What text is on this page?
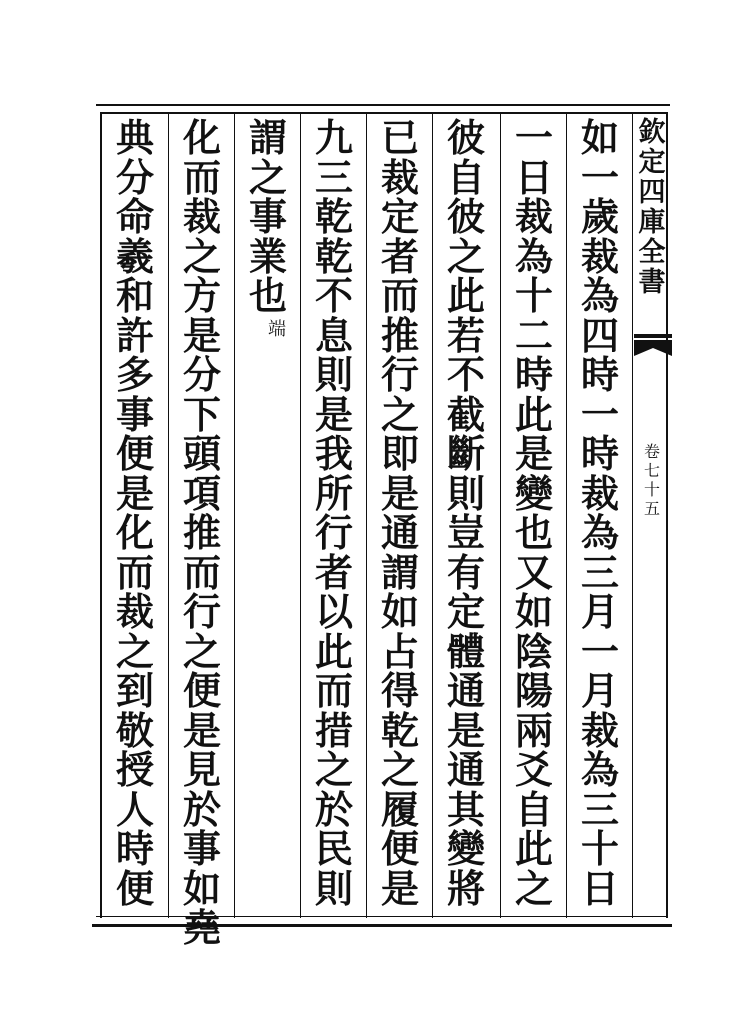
欽
定
四
庫
全
書
卷
七
十
五
如
一
歲
裁
為
四
時
一
時
裁
為
三
月
一
月
裁
為
三
十
日
一
日
裁
為
十
二
時
此
是
變
也
又
如
陰
陽
兩
爻
自
此
之
彼
自
彼
之
此
若
不
截
斷
則
豈
有
定
體
通
是
通
其
變
將
已
裁
定
者
而
推
行
之
即
是
通
謂
如
占
得
乾
之
履
便
是
九
三
乾
乾
不
息
則
是
我
所
行
者
以
此
而
措
之
於
民
則
謂
之
事
業
也
端
化
而
裁
之
方
是
分
下
頭
項
推
而
行
之
便
是
見
於
事
如
堯
典
分
命
羲
和
許
多
事
便
是
化
而
裁
之
到
敬
授
人
時
便
